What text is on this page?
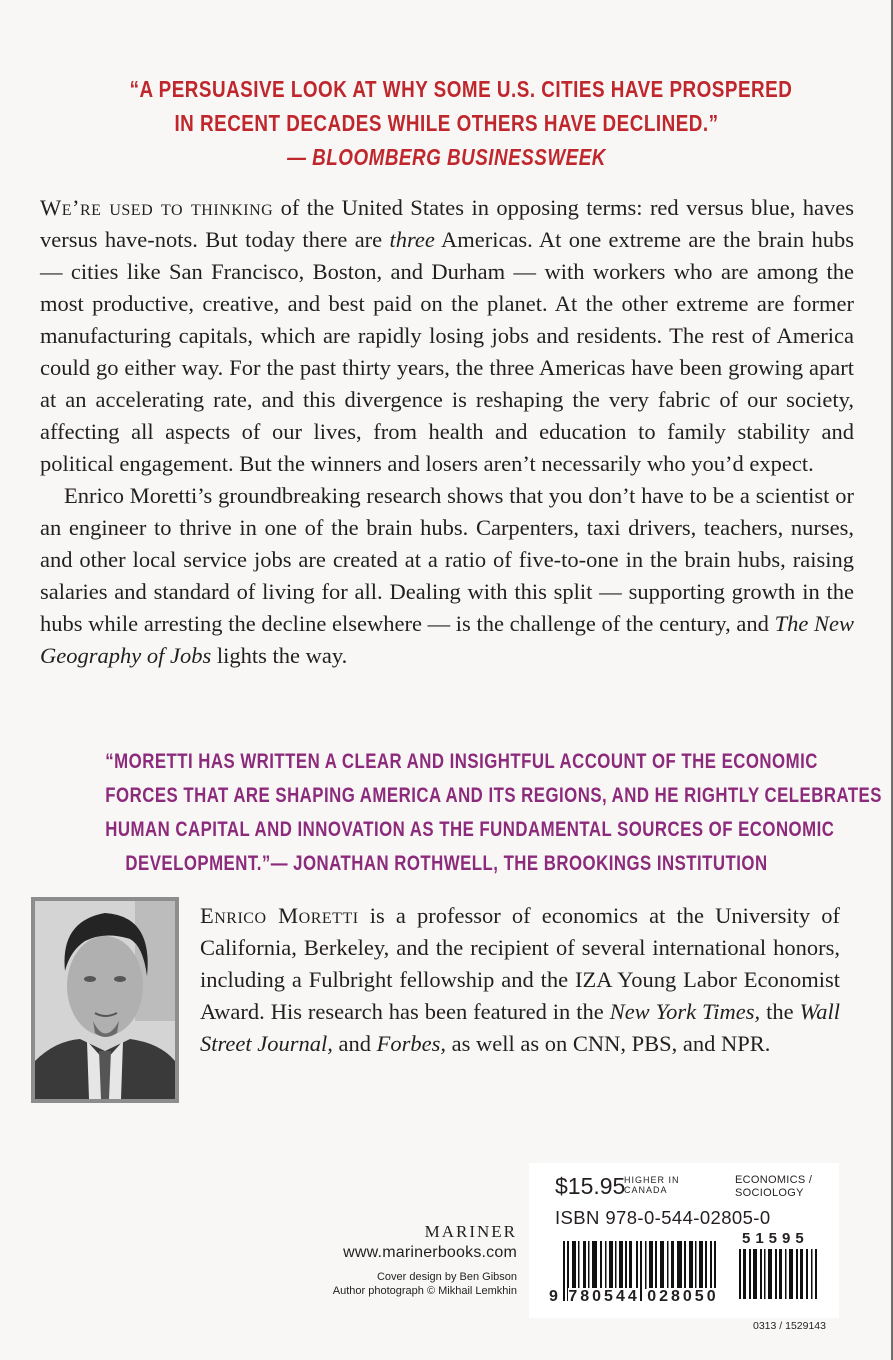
“A PERSUASIVE LOOK AT WHY SOME U.S. CITIES HAVE PROSPERED
IN RECENT DECADES WHILE OTHERS HAVE DECLINED.”
— BLOOMBERG BUSINESSWEEK

We’re used to thinking of the United States in opposing terms: red versus blue, haves versus have-nots. But today there are three Americas. At one extreme are the brain hubs — cities like San Francisco, Boston, and Durham — with workers who are among the most productive, creative, and best paid on the planet. At the other extreme are former manufacturing capitals, which are rapidly losing jobs and residents. The rest of America could go either way. For the past thirty years, the three Americas have been growing apart at an accelerating rate, and this divergence is reshaping the very fabric of our society, affecting all aspects of our lives, from health and education to family stability and political engagement. But the winners and losers aren’t necessarily who you’d expect.

Enrico Moretti’s groundbreaking research shows that you don’t have to be a scientist or an engineer to thrive in one of the brain hubs. Carpenters, taxi drivers, teachers, nurses, and other local service jobs are created at a ratio of five-to-one in the brain hubs, raising salaries and standard of living for all. Dealing with this split — supporting growth in the hubs while arresting the decline elsewhere — is the challenge of the century, and The New Geography of Jobs lights the way.

“MORETTI HAS WRITTEN A CLEAR AND INSIGHTFUL ACCOUNT OF THE ECONOMIC
FORCES THAT ARE SHAPING AMERICA AND ITS REGIONS, AND HE RIGHTLY CELEBRATES
HUMAN CAPITAL AND INNOVATION AS THE FUNDAMENTAL SOURCES OF ECONOMIC
DEVELOPMENT.”— JONATHAN ROTHWELL, THE BROOKINGS INSTITUTION
Enrico Moretti is a professor of economics at the University of California, Berkeley, and the recipient of several international honors, including a Fulbright fellowship and the IZA Young Labor Economist Award. His research has been featured in the New York Times, the Wall Street Journal, and Forbes, as well as on CNN, PBS, and NPR.
MARINER
www.marinerbooks.com
Cover design by Ben Gibson
Author photograph © Mikhail Lemkhin
$15.95
HIGHER IN
CANADA
ECONOMICS /
SOCIOLOGY
ISBN 978-0-544-02805-0
51595
9 780544 028050
0313 / 1529143
